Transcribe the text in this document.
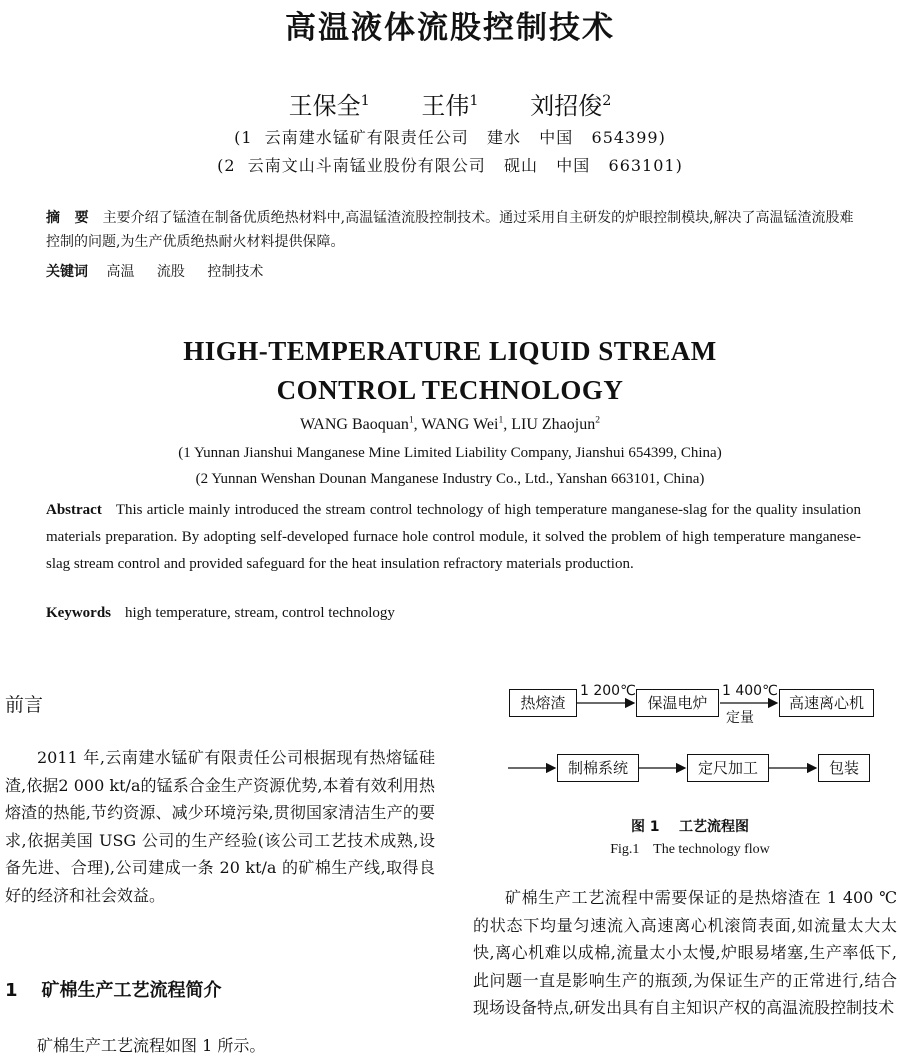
高温液体流股控制技术
王保全$^1$ 王伟$^1$ 刘招俊$^2$
(1  云南建水锰矿有限责任公司   建水   中国   654399)
(2  云南文山斗南锰业股份有限公司   砚山   中国   663101)
摘   要 主要介绍了锰渣在制备优质绝热材料中,高温锰渣流股控制技术。通过采用自主研发的炉眼控制模块,解决了高温锰渣流股难控制的问题,为生产优质绝热耐火材料提供保障。
关键词 高温 流股 控制技术
HIGH-TEMPERATURE LIQUID STREAM
CONTROL TECHNOLOGY
WANG Baoquan$^1$, WANG Wei$^1$, LIU Zhaojun$^2$
(1 Yunnan Jianshui Manganese Mine Limited Liability Company, Jianshui 654399, China)
(2 Yunnan Wenshan Dounan Manganese Industry Co., Ltd., Yanshan 663101, China)
Abstract This article mainly introduced the stream control technology of high temperature manganese-slag for the quality insulation materials preparation. By adopting self-developed furnace hole control module, it solved the problem of high temperature manganese-slag stream control and provided safeguard for the heat insulation refractory materials production.
Keywords high temperature, stream, control technology
前言
2011 年,云南建水锰矿有限责任公司根据现有热熔锰硅渣,依据2 000 kt/a的锰系合金生产资源优势,本着有效利用热熔渣的热能,节约资源、减少环境污染,贯彻国家清洁生产的要求,依据美国 USG 公司的生产经验(该公司工艺技术成熟,设备先进、合理),公司建成一条 20 kt/a 的矿棉生产线,取得良好的经济和社会效益。
1 矿棉生产工艺流程简介
矿棉生产工艺流程如图 1 所示。
热熔渣	保温电炉	高速离心机
制棉系统	定尺加工	包装
1 200℃	1 400℃
定量
图 1    工艺流程图
Fig.1    The technology flow
矿棉生产工艺流程中需要保证的是热熔渣在 1 400 ℃的状态下均量匀速流入高速离心机滚筒表面,如流量太大太快,离心机难以成棉,流量太小太慢,炉眼易堵塞,生产率低下,此问题一直是影响生产的瓶颈,为保证生产的正常进行,结合现场设备特点,研发出具有自主知识产权的高温流股控制技术
